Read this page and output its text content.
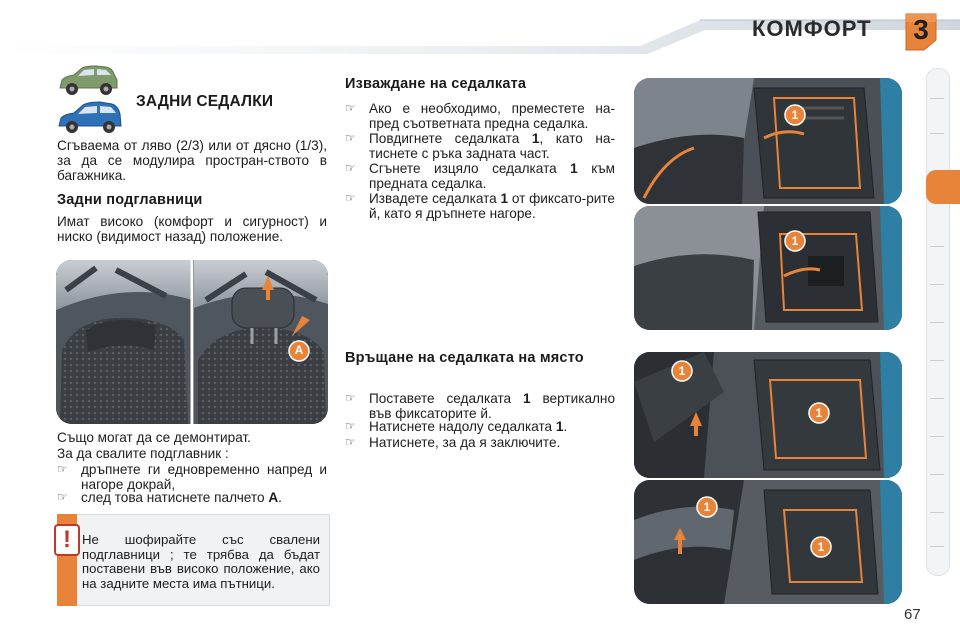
КОМФОРТ 3
ЗАДНИ СЕДАЛКИ

Сгъваема от ляво (2/3) или от дясно (1/3), за да се модулира простран-ството в багажника.

Задни подглавници

Имат високо (комфорт и сигурност) и ниско (видимост назад) положение.

A
Също могат да се демонтират.
За да свалите подглавник :
☞ дръпнете ги едновременно напред и нагоре докрай,
☞ след това натиснете палчето A.
! Не шофирайте със свалени подглавници ; те трябва да бъдат поставени във високо положение, ако на задните места има пътници.

Изваждане на седалката
☞ Ако е необходимо, преместете на-пред съответната предна седалка.
☞ Повдигнете седалката 1, като на-тиснете с ръка задната част.
☞ Сгънете изцяло седалката 1 към предната седалка.
☞ Извадете седалката 1 от фиксато-рите й, като я дръпнете нагоре.
Връщане на седалката на място
☞ Поставете седалката 1 вертикално във фиксаторите й.
☞ Натиснете надолу седалката 1.
☞ Натиснете, за да я заключите.
1
1
1
1
1
1
67
